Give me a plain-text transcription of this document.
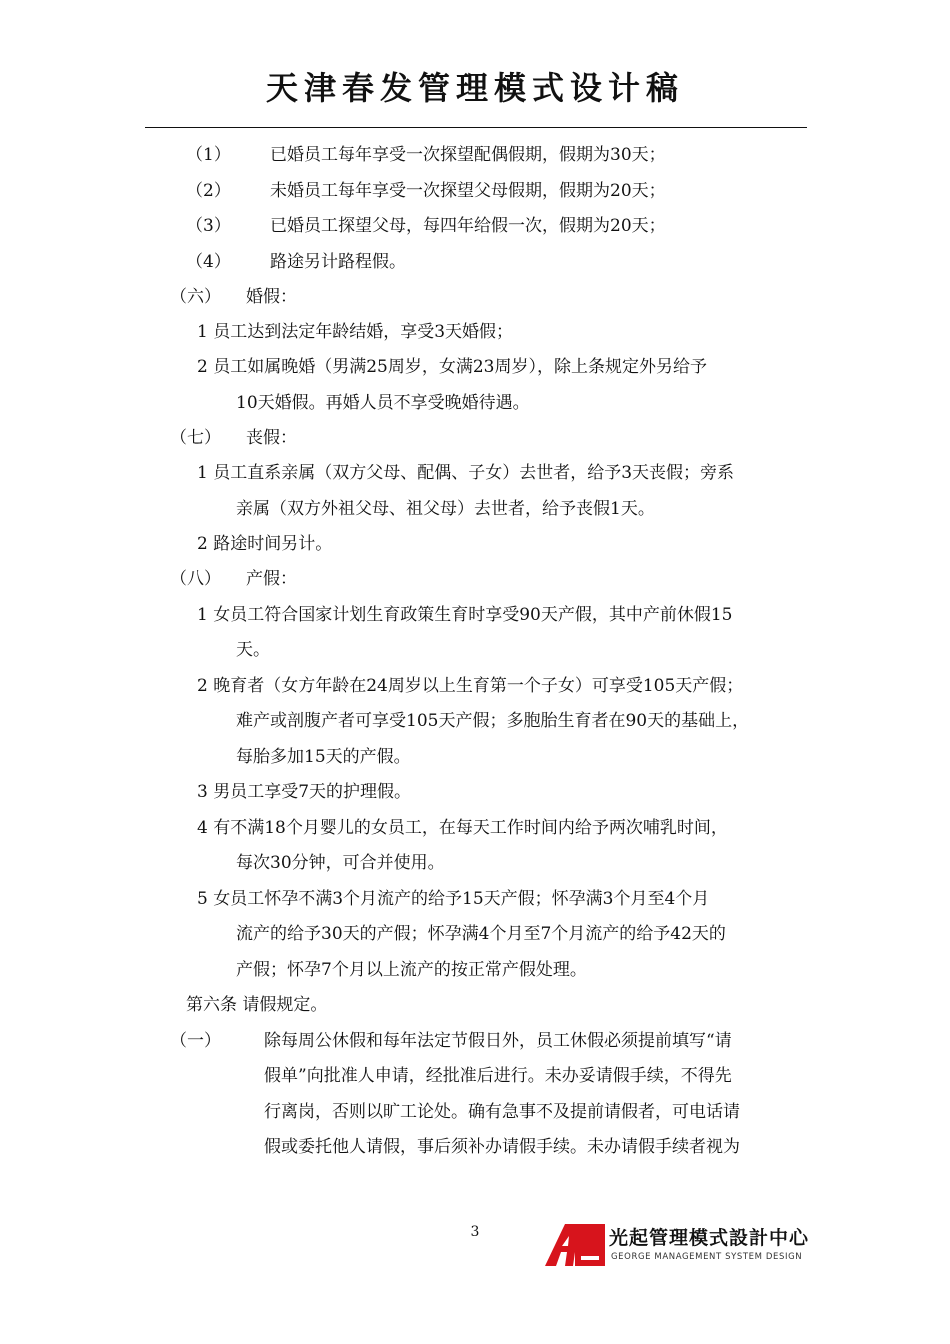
天津春发管理模式设计稿
（1） 已婚员工每年享受一次探望配偶假期，假期为30天；
（2） 未婚员工每年享受一次探望父母假期，假期为20天；
（3） 已婚员工探望父母，每四年给假一次，假期为20天；
（4） 路途另计路程假。
（六） 婚假：
1 员工达到法定年龄结婚，享受3天婚假；
2 员工如属晚婚（男满25周岁，女满23周岁），除上条规定外另给予
10天婚假。再婚人员不享受晚婚待遇。
（七） 丧假：
1 员工直系亲属（双方父母、配偶、子女）去世者，给予3天丧假；旁系
亲属（双方外祖父母、祖父母）去世者，给予丧假1天。
2 路途时间另计。
（八） 产假：
1 女员工符合国家计划生育政策生育时享受90天产假，其中产前休假15
天。
2 晚育者（女方年龄在24周岁以上生育第一个子女）可享受105天产假；
难产或剖腹产者可享受105天产假；多胞胎生育者在90天的基础上，
每胎多加15天的产假。
3 男员工享受7天的护理假。
4 有不满18个月婴儿的女员工，在每天工作时间内给予两次哺乳时间，
每次30分钟，可合并使用。
5 女员工怀孕不满3个月流产的给予15天产假；怀孕满3个月至4个月
流产的给予30天的产假；怀孕满4个月至7个月流产的给予42天的
产假；怀孕7个月以上流产的按正常产假处理。
第六条 请假规定。
（一）	除每周公休假和每年法定节假日外，员工休假必须提前填写“请
假单”向批准人申请，经批准后进行。未办妥请假手续，不得先
行离岗，否则以旷工论处。确有急事不及提前请假者，可电话请
假或委托他人请假，事后须补办请假手续。未办请假手续者视为
3	光起管理模式設計中心
GEORGE MANAGEMENT SYSTEM DESIGN
